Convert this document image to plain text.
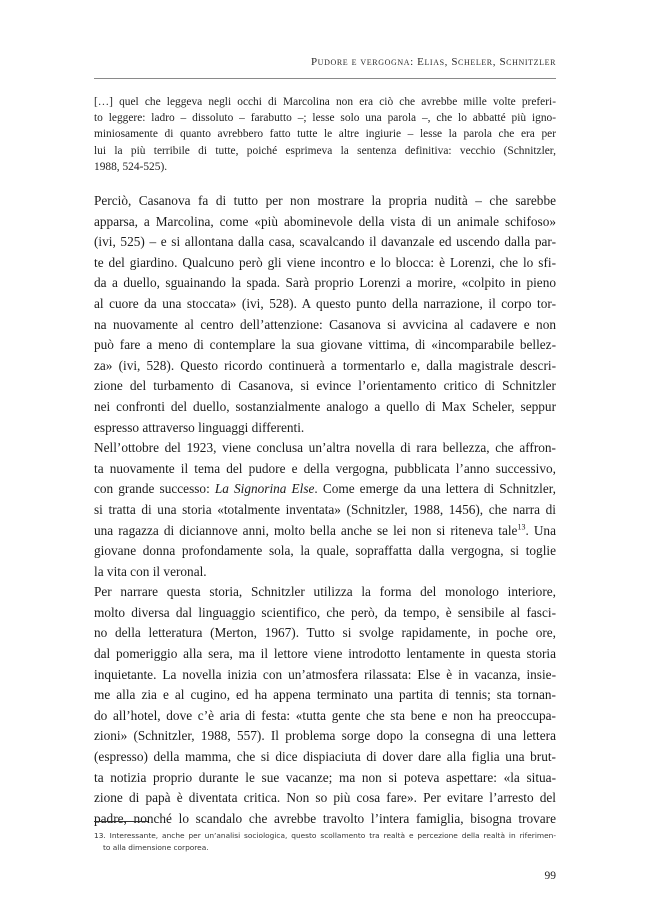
Pudore e vergogna: Elias, Scheler, Schnitzler
[…] quel che leggeva negli occhi di Marcolina non era ciò che avrebbe mille volte preferi-
to leggere: ladro – dissoluto – farabutto –; lesse solo una parola –, che lo abbatté più igno-
miniosamente di quanto avrebbero fatto tutte le altre ingiurie – lesse la parola che era per
lui la più terribile di tutte, poiché esprimeva la sentenza definitiva: vecchio (Schnitzler,
1988, 524-525).
Perciò, Casanova fa di tutto per non mostrare la propria nudità – che sarebbe
apparsa, a Marcolina, come «più abominevole della vista di un animale schifoso»
(ivi, 525) – e si allontana dalla casa, scavalcando il davanzale ed uscendo dalla par-
te del giardino. Qualcuno però gli viene incontro e lo blocca: è Lorenzi, che lo sfi-
da a duello, sguainando la spada. Sarà proprio Lorenzi a morire, «colpito in pieno
al cuore da una stoccata» (ivi, 528). A questo punto della narrazione, il corpo tor-
na nuovamente al centro dell’attenzione: Casanova si avvicina al cadavere e non
può fare a meno di contemplare la sua giovane vittima, di «incomparabile bellez-
za» (ivi, 528). Questo ricordo continuerà a tormentarlo e, dalla magistrale descri-
zione del turbamento di Casanova, si evince l’orientamento critico di Schnitzler
nei confronti del duello, sostanzialmente analogo a quello di Max Scheler, seppur
espresso attraverso linguaggi differenti.
Nell’ottobre del 1923, viene conclusa un’altra novella di rara bellezza, che affron-
ta nuovamente il tema del pudore e della vergogna, pubblicata l’anno successivo,
con grande successo: La Signorina Else. Come emerge da una lettera di Schnitzler,
si tratta di una storia «totalmente inventata» (Schnitzler, 1988, 1456), che narra di
una ragazza di diciannove anni, molto bella anche se lei non si riteneva tale$^{13}$. Una
giovane donna profondamente sola, la quale, sopraffatta dalla vergogna, si toglie
la vita con il veronal.
Per narrare questa storia, Schnitzler utilizza la forma del monologo interiore,
molto diversa dal linguaggio scientifico, che però, da tempo, è sensibile al fasci-
no della letteratura (Merton, 1967). Tutto si svolge rapidamente, in poche ore,
dal pomeriggio alla sera, ma il lettore viene introdotto lentamente in questa storia
inquietante. La novella inizia con un’atmosfera rilassata: Else è in vacanza, insie-
me alla zia e al cugino, ed ha appena terminato una partita di tennis; sta tornan-
do all’hotel, dove c’è aria di festa: «tutta gente che sta bene e non ha preoccupa-
zioni» (Schnitzler, 1988, 557). Il problema sorge dopo la consegna di una lettera
(espresso) della mamma, che si dice dispiaciuta di dover dare alla figlia una brut-
ta notizia proprio durante le sue vacanze; ma non si poteva aspettare: «la situa-
zione di papà è diventata critica. Non so più cosa fare». Per evitare l’arresto del
padre, nonché lo scandalo che avrebbe travolto l’intera famiglia, bisogna trovare
13. Interessante, anche per un’analisi sociologica, questo scollamento tra realtà e percezione della realtà in riferimen-
to alla dimensione corporea.
99
